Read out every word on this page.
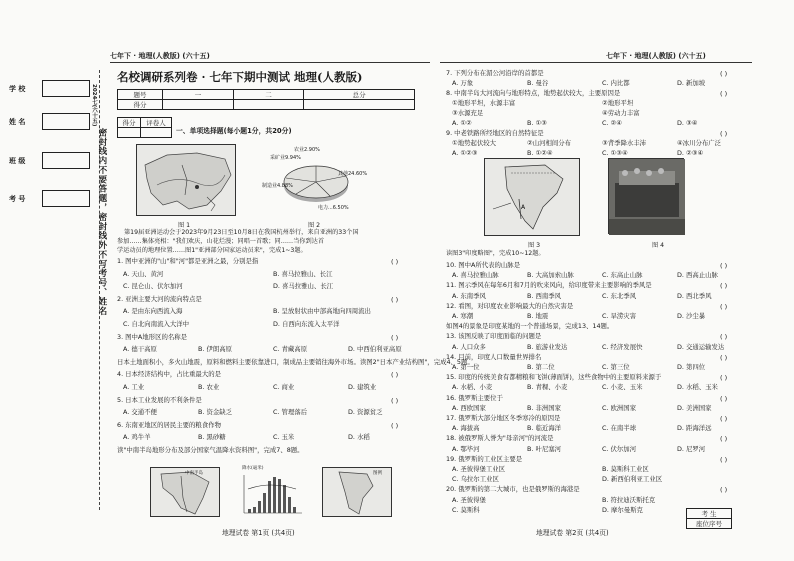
学 校
姓 名
班 级
考 号
2024七(六十五)
密封线内不要答题，密封线外不写考号、姓名
七年下 · 地理(人教版) (六十五)	七年下 · 地理(人教版) (六十五)
名校调研系列卷 · 七年下期中测试 地理(人教版)
题号	一	二	总分
得分			
得分	评卷人

一、单项选择题(每小题1分，共20分)
图 1
农业2.90%
其他24.60%
采矿业9.94%
制造业4.88%
电力...6.50%
图 2
第19届亚洲运动会于2023年9月23日至10月8日在我国杭州举行，来自亚洲的33个国
参加……集体亮相："我们欢庆，山花烂漫；同唱一首歌；同……当你到达首
学运动员的地理位置……图1"亚洲部分国家运动员来"，完成1~3题。
1. 图中亚洲的"山"和"河"都是亚洲之最，分别是指	( )
A. 天山、黄河	B. 喜马拉雅山、长江
C. 昆仑山、伏尔加河	D. 喜马拉雅山、长江
2. 亚洲主要大河的流向特点是	( )
A. 是由东向西流入海	B. 呈放射状由中部高地向四周流出
C. 自北向南流入大洋中	D. 自西向东流入太平洋
3. 图中A地形区的名称是	( )
A. 德干高原	B. 伊朗高原	C. 青藏高原	D. 中西伯利亚高原
日本土地面积小，多火山地震，原料和燃料主要依靠进口，制成品主要销往海外市场。读图2"日本产业结构图"，完成4、5题。
4. 日本经济结构中，占比重最大的是	( )
A. 工业	B. 农业	C. 商业	D. 建筑业
5. 日本工业发展的不利条件是	( )
A. 交通不便	B. 资金缺乏	C. 管理落后	D. 资源贫乏
6. 东南亚地区的居民主要的粮食作物	( )
A. 鸡牛羊	B. 黑砂糖	C. 玉米	D. 水稻
读"中南半岛地形分布及部分国家气温降水资料图"，完成7、8题。
中南半岛
降水(毫米)
图例
地理试卷 第1页 (共4页)
7. 下列分布在湄公河沿岸的首都是	( )
A. 万象	B. 曼谷	C. 内比都	D. 新加坡
8. 中南半岛大河流向与地形特点，地势起伏较大，主要原因是	( )
①地形平坦，水源丰富	②地形平坦
③水源充足	④劳动力丰富
A. ①②	B. ①③	C. ②④	D. ③④
9. 中老铁路所经地区的自然特征是	( )
①地势起伏较大	②山河相间分布	③背季降水丰沛	④冰川分布广泛
A. ①②③	B. ①②④	C. ①③④	D. ②③④
A
图 3	图 4
读图3"印度略图"，完成10~12题。
10. 图中A所代表的山脉是	( )
A. 喜马拉雅山脉	B. 大高加索山脉	C. 东高止山脉	D. 西高止山脉
11. 图示季风在每年6月和7月的吹来风向，给印度带来主要影响的季风是	( )
A. 东南季风	B. 西南季风	C. 东北季风	D. 西北季风
12. 看图，对印度农业影响最大的自然灾害是	( )
A. 寒潮	B. 地震	C. 旱涝灾害	D. 沙尘暴
如图4的景象是印度某地的一个普通场景，完成13、14题。
13. 该图反映了印度面临的问题是	( )
A. 人口众多	B. 旅游业发达	C. 经济发展快	D. 交通运输发达
14. 目前，印度人口数量世界排名	( )
A. 第一位	B. 第二位	C. 第三位	D. 第四位
15. 印度的传统美食有都精粮和飞饼(薄面饼)，这些食物中的主要原料来源于	( )
A. 水稻、小麦	B. 青稞、小麦	C. 小麦、玉米	D. 水稻、玉米
16. 俄罗斯主要位于	( )
A. 西欧国家	B. 非洲国家	C. 欧洲国家	D. 美洲国家
17. 俄罗斯大部分地区冬季寒冷的原因是	( )
A. 海拔高	B. 临近海洋	C. 在南半球	D. 距海洋远
18. 被俄罗斯人誉为"母亲河"的河流是	( )
A. 鄂毕河	B. 叶尼塞河	C. 伏尔加河	D. 尼罗河
19. 俄罗斯的工业区主要是	( )
A. 圣彼得堡工业区	B. 莫斯科工业区
C. 乌拉尔工业区	D. 新西伯利亚工业区
20. 俄罗斯的第二大城市，也是俄罗斯的海港是	( )
A. 圣彼得堡	B. 符拉迪沃斯托克
C. 莫斯科	D. 摩尔曼斯克
考 生
座位序号
地理试卷 第2页 (共4页)
